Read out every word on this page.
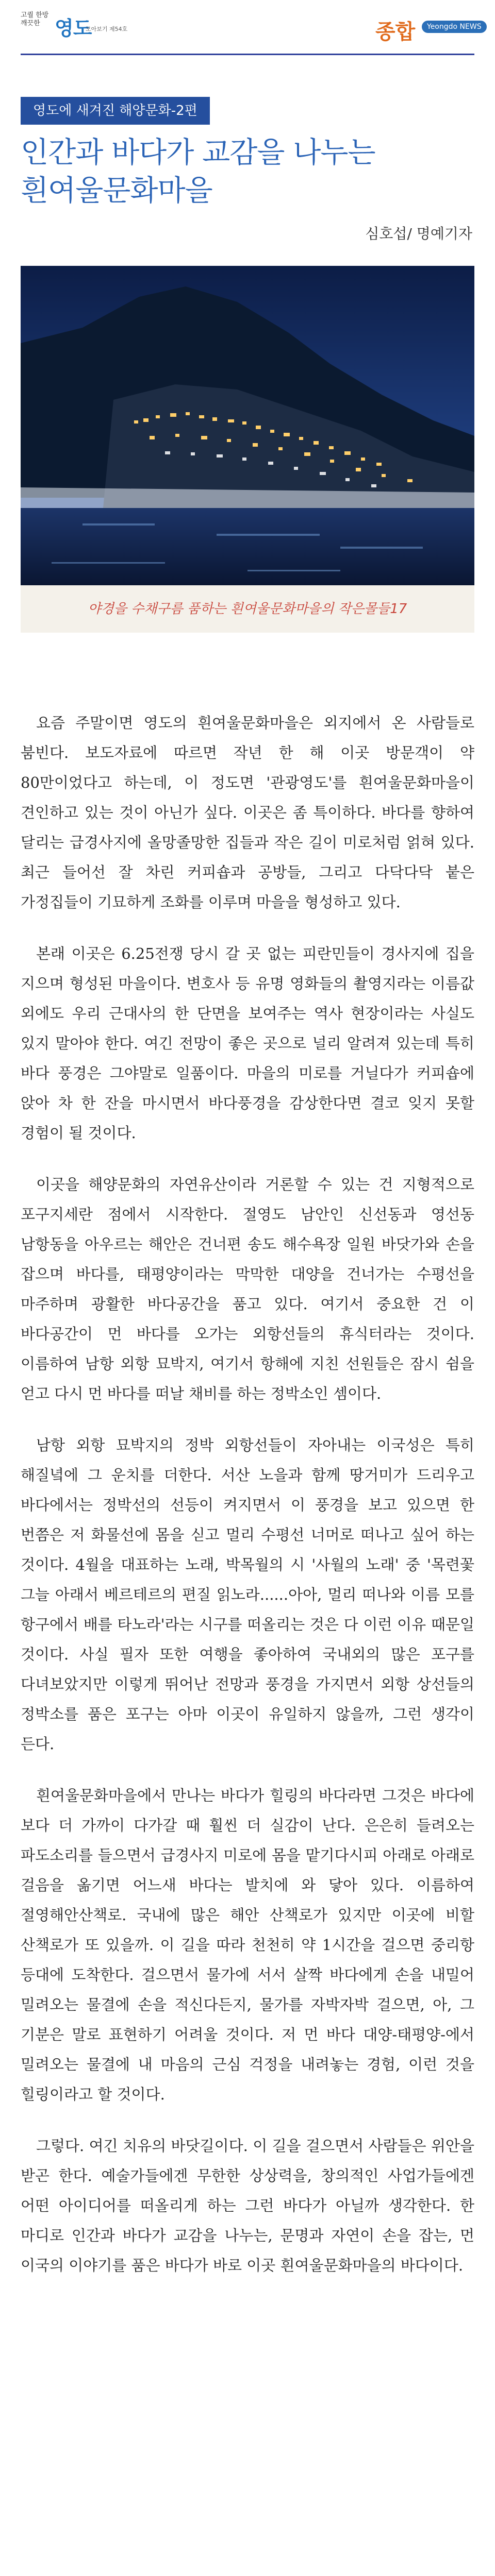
고퀄 한방 깨끗한 영도
모아보기 제54호	종합	Yeongdo NEWS
영도에 새겨진 해양문화-2편
인간과 바다가 교감을 나누는
흰여울문화마을
심호섭/ 명예기자
야경을 수채구름 품하는 흰여울문화마을의 작은몰들17

요즘 주말이면 영도의 흰여울문화마을은 외지에서 온 사람들로 붐빈다. 보도자료에 따르면 작년 한 해 이곳 방문객이 약 80만이었다고 하는데, 이 정도면 '관광영도'를 흰여울문화마을이 견인하고 있는 것이 아닌가 싶다. 이곳은 좀 특이하다. 바다를 향하여 달리는 급경사지에 올망졸망한 집들과 작은 길이 미로처럼 얽혀 있다. 최근 들어선 잘 차린 커피숍과 공방들, 그리고 다닥다닥 붙은 가정집들이 기묘하게 조화를 이루며 마을을 형성하고 있다.

본래 이곳은 6.25전쟁 당시 갈 곳 없는 피란민들이 경사지에 집을 지으며 형성된 마을이다. 변호사 등 유명 영화들의 촬영지라는 이름값 외에도 우리 근대사의 한 단면을 보여주는 역사 현장이라는 사실도 있지 말아야 한다. 여긴 전망이 좋은 곳으로 널리 알려져 있는데 특히 바다 풍경은 그야말로 일품이다. 마을의 미로를 거닐다가 커피숍에 앉아 차 한 잔을 마시면서 바다풍경을 감상한다면 결코 잊지 못할 경험이 될 것이다.

이곳을 해양문화의 자연유산이라 거론할 수 있는 건 지형적으로 포구지세란 점에서 시작한다. 절영도 남안인 신선동과 영선동 남항동을 아우르는 해안은 건너편 송도 해수욕장 일원 바닷가와 손을 잡으며 바다를, 태평양이라는 막막한 대양을 건너가는 수평선을 마주하며 광활한 바다공간을 품고 있다. 여기서 중요한 건 이 바다공간이 먼 바다를 오가는 외항선들의 휴식터라는 것이다. 이름하여 남항 외항 묘박지, 여기서 항해에 지친 선원들은 잠시 쉼을 얻고 다시 먼 바다를 떠날 채비를 하는 정박소인 셈이다.

남항 외항 묘박지의 정박 외항선들이 자아내는 이국성은 특히 해질녘에 그 운치를 더한다. 서산 노을과 함께 땅거미가 드리우고 바다에서는 정박선의 선등이 켜지면서 이 풍경을 보고 있으면 한 번쯤은 저 화물선에 몸을 싣고 멀리 수평선 너머로 떠나고 싶어 하는 것이다. 4월을 대표하는 노래, 박목월의 시 '사월의 노래' 중 '목련꽃 그늘 아래서 베르테르의 편질 읽노라......아아, 멀리 떠나와 이름 모를 항구에서 배를 타노라'라는 시구를 떠올리는 것은 다 이런 이유 때문일 것이다. 사실 필자 또한 여행을 좋아하여 국내외의 많은 포구를 다녀보았지만 이렇게 뛰어난 전망과 풍경을 가지면서 외항 상선들의 정박소를 품은 포구는 아마 이곳이 유일하지 않을까, 그런 생각이 든다.

흰여울문화마을에서 만나는 바다가 힐링의 바다라면 그것은 바다에 보다 더 가까이 다가갈 때 훨씬 더 실감이 난다. 은은히 들려오는 파도소리를 들으면서 급경사지 미로에 몸을 맡기다시피 아래로 아래로 걸음을 옮기면 어느새 바다는 발치에 와 닿아 있다. 이름하여 절영해안산책로. 국내에 많은 해안 산책로가 있지만 이곳에 비할 산책로가 또 있을까. 이 길을 따라 천천히 약 1시간을 걸으면 중리항 등대에 도착한다. 걸으면서 물가에 서서 살짝 바다에게 손을 내밀어 밀려오는 물결에 손을 적신다든지, 물가를 자박자박 걸으면, 아, 그 기분은 말로 표현하기 어려울 것이다. 저 먼 바다 대양-태평양-에서 밀려오는 물결에 내 마음의 근심 걱정을 내려놓는 경험, 이런 것을 힐링이라고 할 것이다.

그렇다. 여긴 치유의 바닷길이다. 이 길을 걸으면서 사람들은 위안을 받곤 한다. 예술가들에겐 무한한 상상력을, 창의적인 사업가들에겐 어떤 아이디어를 떠올리게 하는 그런 바다가 아닐까 생각한다. 한 마디로 인간과 바다가 교감을 나누는, 문명과 자연이 손을 잡는, 먼 이국의 이야기를 품은 바다가 바로 이곳 흰여울문화마을의 바다이다.
